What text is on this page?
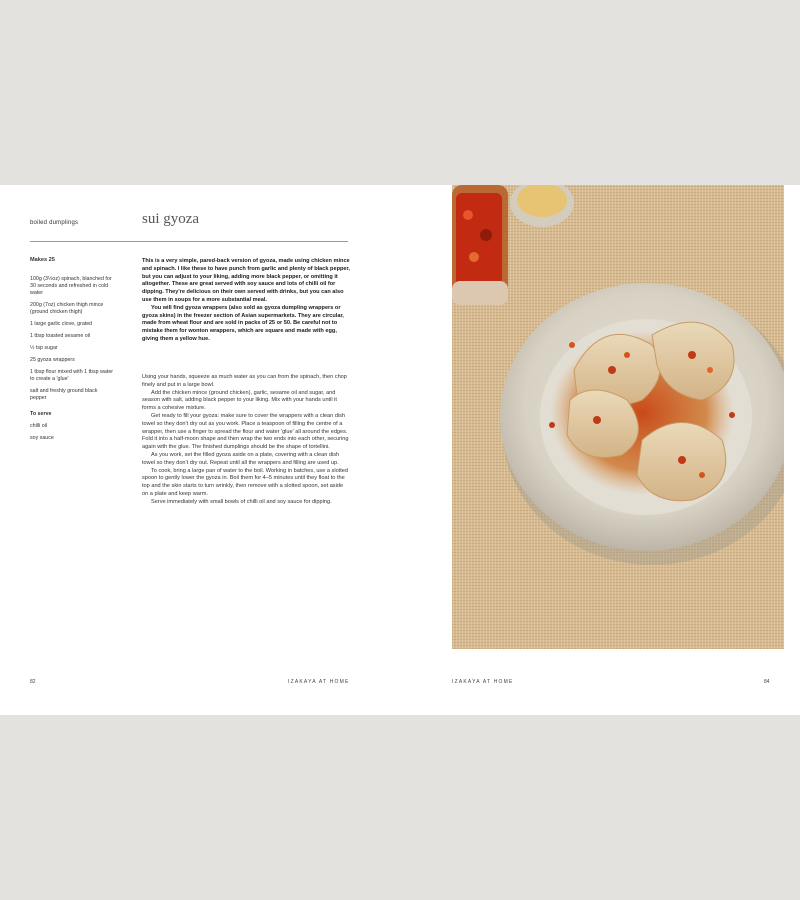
boiled dumplings	sui gyoza
Makes 25
100g (3½oz) spinach, blanched for 30 seconds and refreshed in cold water
200g (7oz) chicken thigh mince (ground chicken thigh)
1 large garlic clove, grated
1 tbsp toasted sesame oil
½ tsp sugar
25 gyoza wrappers
1 tbsp flour mixed with 1 tbsp water to create a 'glue'
salt and freshly ground black pepper
To serve
chilli oil
soy sauce

This is a very simple, pared-back version of gyoza, made using chicken mince and spinach. I like these to have punch from garlic and plenty of black pepper, but you can adjust to your liking, adding more black pepper, or omitting it altogether. These are great served with soy sauce and lots of chilli oil for dipping. They're delicious on their own served with drinks, but you can also use them in soups for a more substantial meal.

You will find gyoza wrappers (also sold as gyoza dumpling wrappers or gyoza skins) in the freezer section of Asian supermarkets. They are circular, made from wheat flour and are sold in packs of 25 or 50. Be careful not to mistake them for wonton wrappers, which are square and made with egg, giving them a yellow hue.

Using your hands, squeeze as much water as you can from the spinach, then chop finely and put in a large bowl.

Add the chicken mince (ground chicken), garlic, sesame oil and sugar, and season with salt, adding black pepper to your liking. Mix with your hands until it forms a cohesive mixture.

Get ready to fill your gyoza: make sure to cover the wrappers with a clean dish towel so they don't dry out as you work. Place a teaspoon of filling the centre of a wrapper, then use a finger to spread the flour and water 'glue' all around the edges. Fold it into a half-moon shape and then wrap the two ends into each other, securing again with the glue. The finished dumplings should be the shape of tortellini.

As you work, set the filled gyoza aside on a plate, covering with a clean dish towel so they don't dry out. Repeat until all the wrappers and filling are used up.

To cook, bring a large pan of water to the boil. Working in batches, use a slotted spoon to gently lower the gyoza in. Boil them for 4–5 minutes until they float to the top and the skin starts to turn wrinkly, then remove with a slotted spoon, set aside on a plate and keep warm.

Serve immediately with small bowls of chilli oil and soy sauce for dipping.

82	IZAKAYA AT HOME	IZAKAYA AT HOME	84
